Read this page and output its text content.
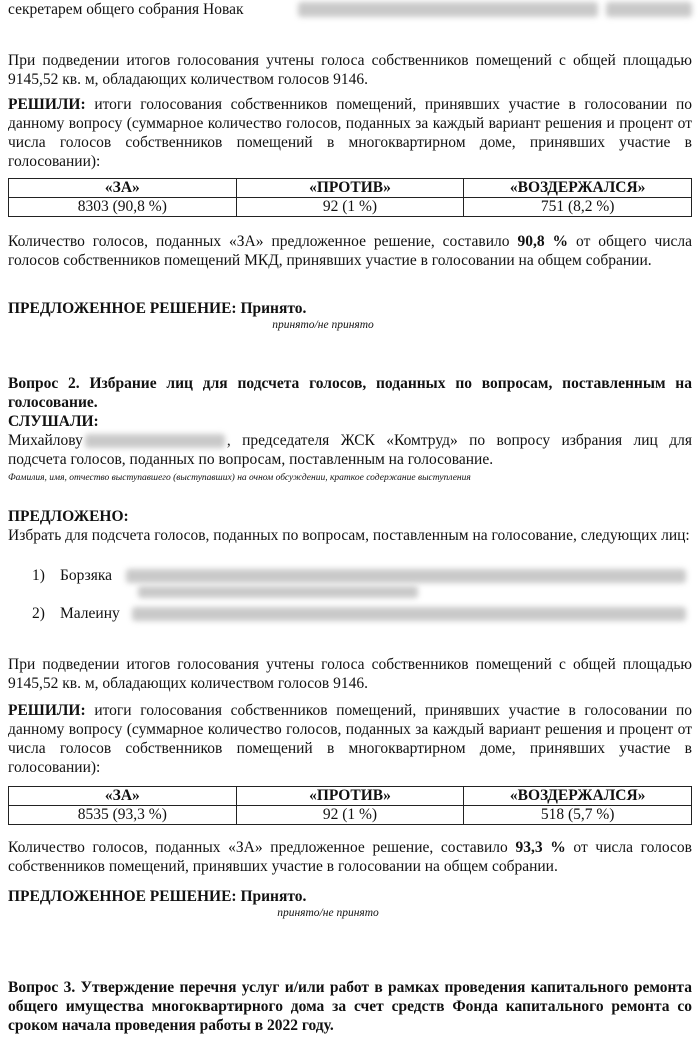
секретарем общего собрания Новак

При подведении итогов голосования учтены голоса собственников помещений с общей площадью 9145,52 кв. м, обладающих количеством голосов 9146.

РЕШИЛИ: итоги голосования собственников помещений, принявших участие в голосовании по данному вопросу (суммарное количество голосов, поданных за каждый вариант решения и процент от числа голосов собственников помещений в многоквартирном доме, принявших участие в голосовании):

«ЗА»	«ПРОТИВ»	«ВОЗДЕРЖАЛСЯ»
8303 (90,8 %)	92 (1 %)	751 (8,2 %)

Количество голосов, поданных «ЗА» предложенное решение, составило 90,8 % от общего числа голосов собственников помещений МКД, принявших участие в голосовании на общем собрании.

ПРЕДЛОЖЕННОЕ РЕШЕНИЕ: Принято.

принято/не принято

Вопрос 2. Избрание лиц для подсчета голосов, поданных по вопросам, поставленным на голосование.

СЛУШАЛИ:

Михайлову	, председателя ЖСК «Комтруд» по вопросу избрания лиц для подсчета голосов, поданных по вопросам, поставленным на голосование.

Фамилия, имя, отчество выступавшего (выступавших) на очном обсуждении, краткое содержание выступления

ПРЕДЛОЖЕНО:

Избрать для подсчета голосов, поданных по вопросам, поставленным на голосование, следующих лиц:

1) Борзяка
2) Малеину

При подведении итогов голосования учтены голоса собственников помещений с общей площадью 9145,52 кв. м, обладающих количеством голосов 9146.

РЕШИЛИ: итоги голосования собственников помещений, принявших участие в голосовании по данному вопросу (суммарное количество голосов, поданных за каждый вариант решения и процент от числа голосов собственников помещений в многоквартирном доме, принявших участие в голосовании):

«ЗА»	«ПРОТИВ»	«ВОЗДЕРЖАЛСЯ»
8535 (93,3 %)	92 (1 %)	518 (5,7 %)

Количество голосов, поданных «ЗА» предложенное решение, составило 93,3 % от числа голосов собственников помещений, принявших участие в голосовании на общем собрании.

ПРЕДЛОЖЕННОЕ РЕШЕНИЕ: Принято.

принято/не принято

Вопрос 3. Утверждение перечня услуг и/или работ в рамках проведения капитального ремонта общего имущества многоквартирного дома за счет средств Фонда капитального ремонта со сроком начала проведения работы в 2022 году.
